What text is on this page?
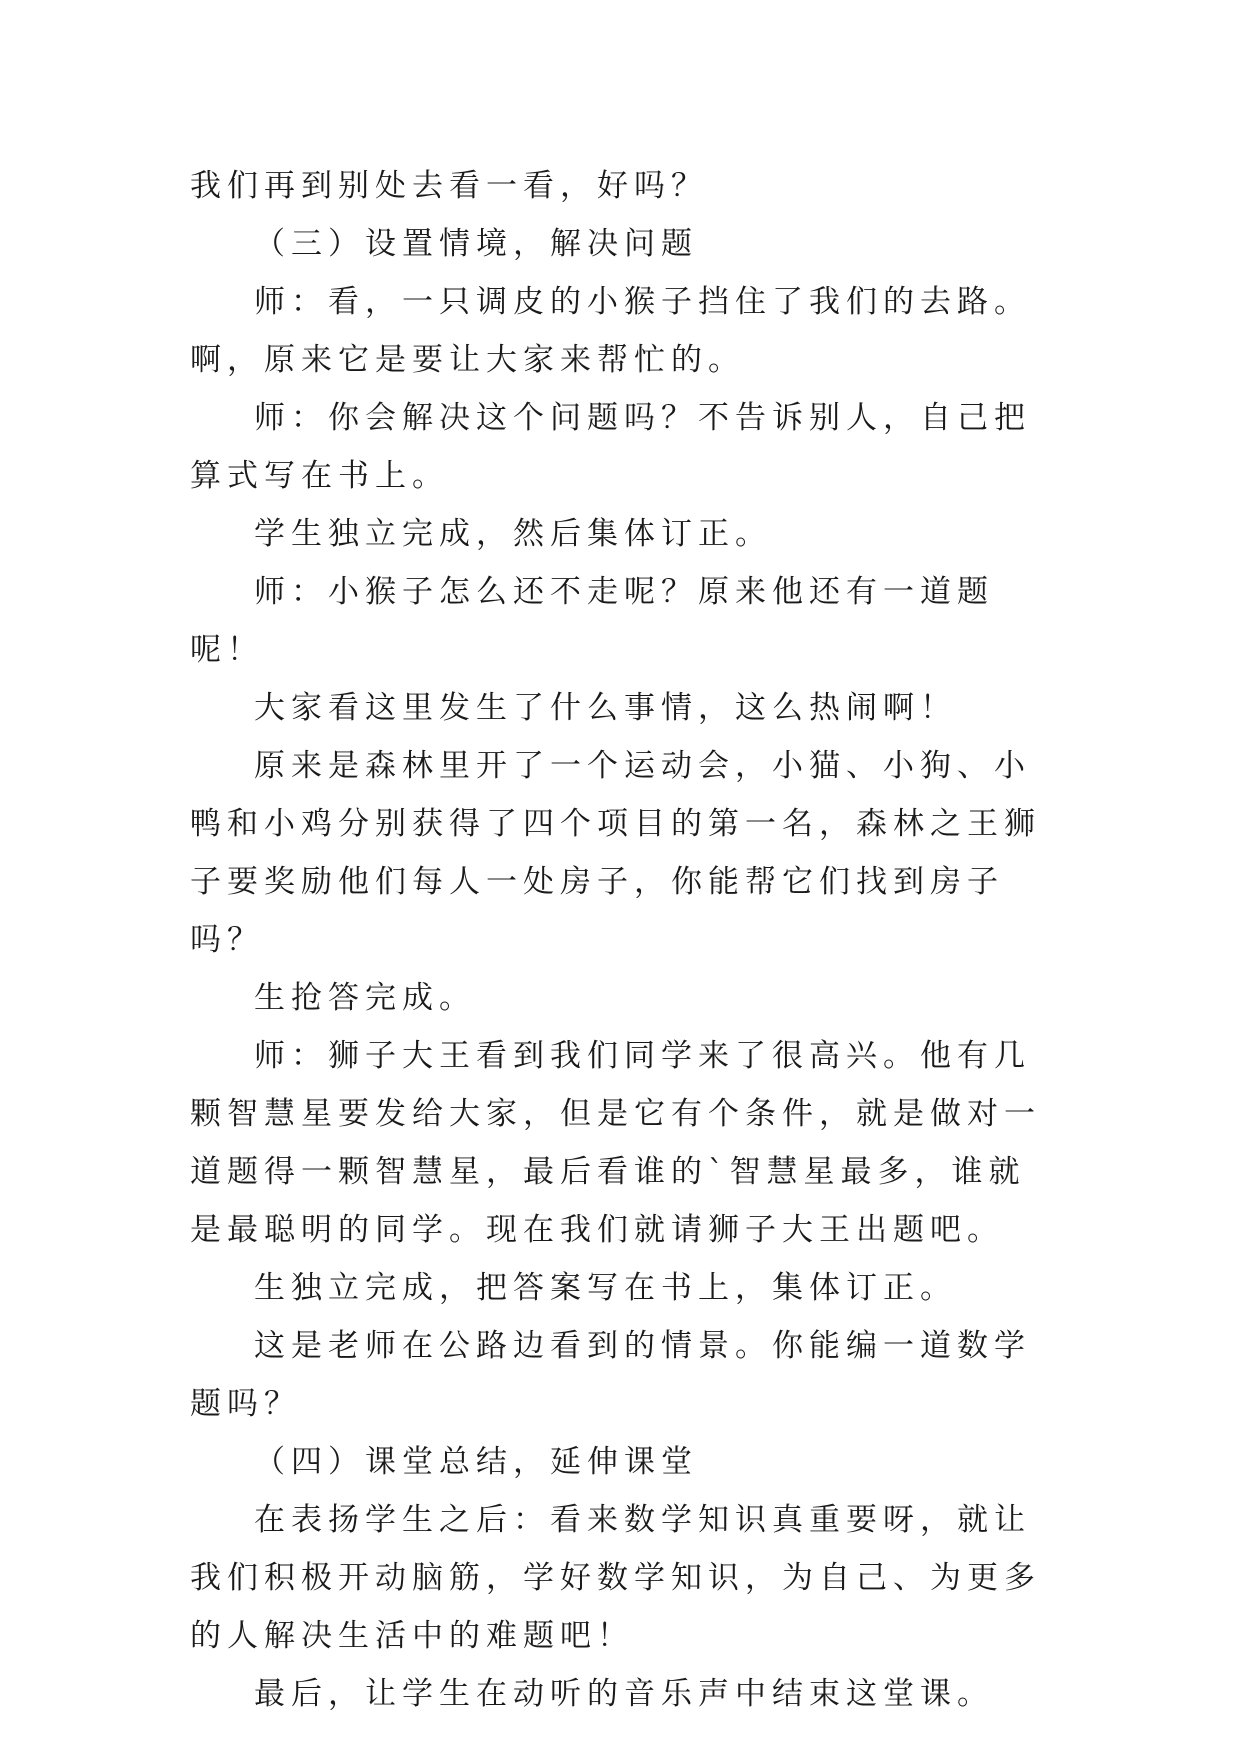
我们再到别处去看一看，好吗？

（三）设置情境，解决问题

师：看，一只调皮的小猴子挡住了我们的去路。啊，原来它是要让大家来帮忙的。

师：你会解决这个问题吗？不告诉别人，自己把算式写在书上。

学生独立完成，然后集体订正。

师：小猴子怎么还不走呢？原来他还有一道题呢！

大家看这里发生了什么事情，这么热闹啊！

原来是森林里开了一个运动会，小猫、小狗、小鸭和小鸡分别获得了四个项目的第一名，森林之王狮子要奖励他们每人一处房子，你能帮它们找到房子吗？

生抢答完成。

师：狮子大王看到我们同学来了很高兴。他有几颗智慧星要发给大家，但是它有个条件，就是做对一道题得一颗智慧星，最后看谁的`智慧星最多，谁就是最聪明的同学。现在我们就请狮子大王出题吧。

生独立完成，把答案写在书上，集体订正。

这是老师在公路边看到的情景。你能编一道数学题吗？

（四）课堂总结，延伸课堂

在表扬学生之后：看来数学知识真重要呀，就让我们积极开动脑筋，学好数学知识，为自己、为更多的人解决生活中的难题吧！

最后，让学生在动听的音乐声中结束这堂课。
